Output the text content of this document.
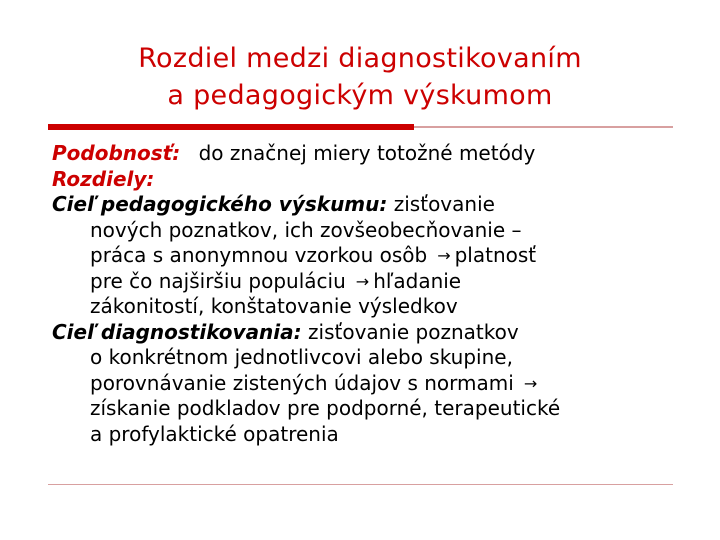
Rozdiel medzi diagnostikovaním
a pedagogickým výskumom

Podobnosť: do značnej miery totožné metódy

Rozdiely:

Cieľ pedagogického výskumu: zisťovanie
nových poznatkov, ich zovšeobecňovanie –
práca s anonymnou vzorkou osôb → platnosť
pre čo najširšiu populáciu → hľadanie
zákonitostí, konštatovanie výsledkov

Cieľ diagnostikovania: zisťovanie poznatkov
o konkrétnom jednotlivcovi alebo skupine,
porovnávanie zistených údajov s normami →
získanie podkladov pre podporné, terapeutické
a profylaktické opatrenia
